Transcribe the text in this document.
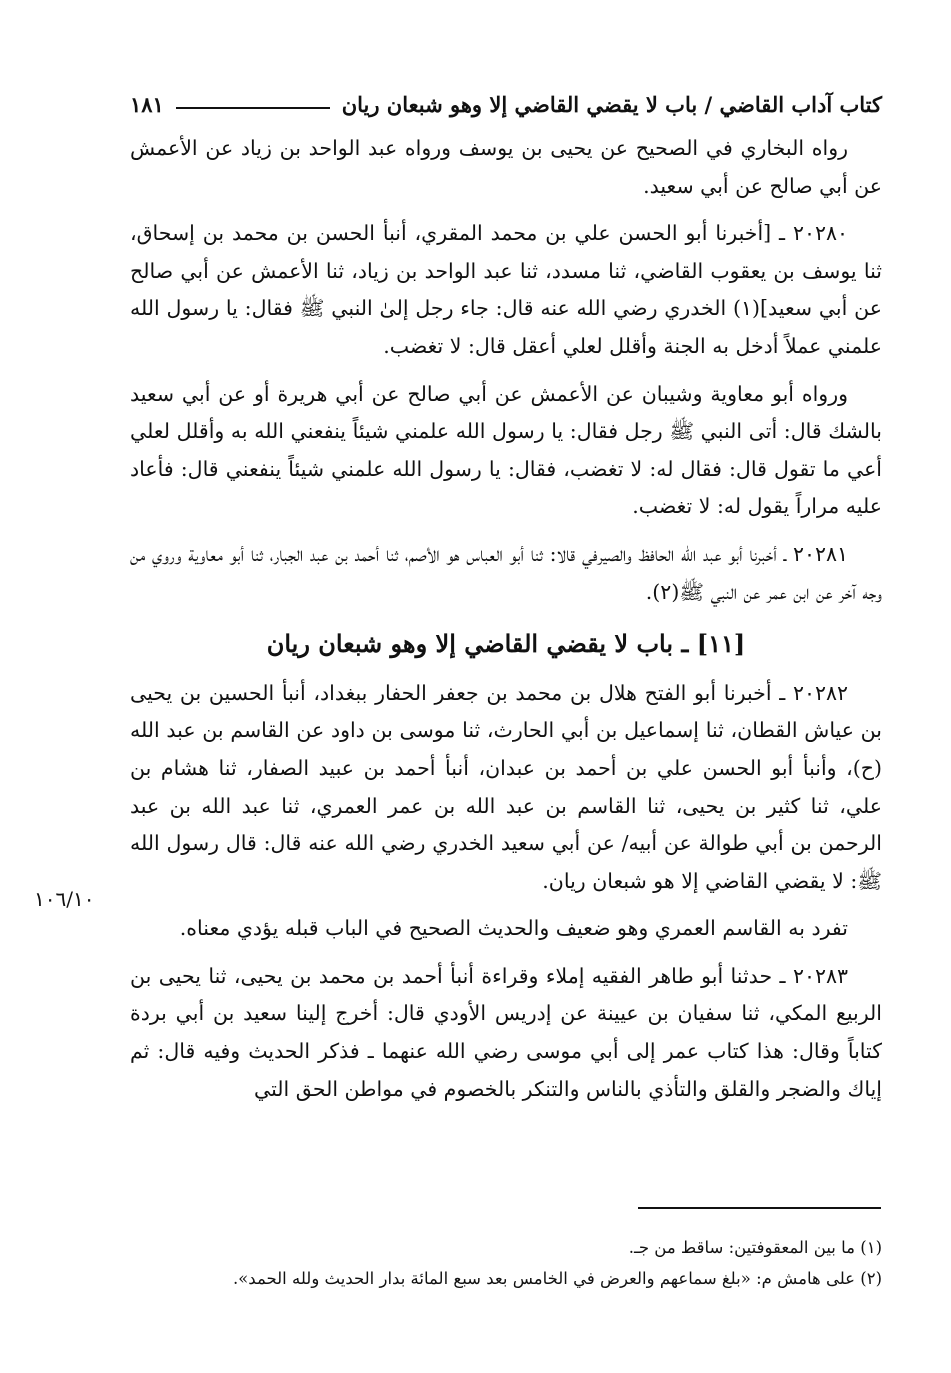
كتاب آداب القاضي / باب لا يقضي القاضي إلا وهو شبعان ريان
١٨١

رواه البخاري في الصحيح عن يحيى بن يوسف ورواه عبد الواحد بن زياد عن الأعمش عن أبي صالح عن أبي سعيد.

٢٠٢٨٠ ـ [أخبرنا أبو الحسن علي بن محمد المقري، أنبأ الحسن بن محمد بن إسحاق، ثنا يوسف بن يعقوب القاضي، ثنا مسدد، ثنا عبد الواحد بن زياد، ثنا الأعمش عن أبي صالح عن أبي سعيد](١) الخدري رضي الله عنه قال: جاء رجل إلىٰ النبي ﷺ فقال: يا رسول الله علمني عملاً أدخل به الجنة وأقلل لعلي أعقل قال: لا تغضب.

ورواه أبو معاوية وشيبان عن الأعمش عن أبي صالح عن أبي هريرة أو عن أبي سعيد بالشك قال: أتى النبي ﷺ رجل فقال: يا رسول الله علمني شيئاً ينفعني الله به وأقلل لعلي أعي ما تقول قال: فقال له: لا تغضب، فقال: يا رسول الله علمني شيئاً ينفعني قال: فأعاد عليه مراراً يقول له: لا تغضب.

٢٠٢٨١ ـ أخبرنا أبو عبد الله الحافظ والصيرفي قالا: ثنا أبو العباس هو الأصم، ثنا أحمد بن عبد الجبار، ثنا أبو معاوية وروي من وجه آخر عن ابن عمر عن النبي ﷺ(٢).

[١١] ـ باب لا يقضي القاضي إلا وهو شبعان ريان

٢٠٢٨٢ ـ أخبرنا أبو الفتح هلال بن محمد بن جعفر الحفار ببغداد، أنبأ الحسين بن يحيى بن عياش القطان، ثنا إسماعيل بن أبي الحارث، ثنا موسى بن داود عن القاسم بن عبد الله (ح)، وأنبأ أبو الحسن علي بن أحمد بن عبدان، أنبأ أحمد بن عبيد الصفار، ثنا هشام بن علي، ثنا كثير بن يحيى، ثنا القاسم بن عبد الله بن عمر العمري، ثنا عبد الله بن عبد الرحمن بن أبي طوالة عن أبيه/ عن أبي سعيد الخدري رضي الله عنه قال: قال رسول الله ﷺ: لا يقضي القاضي إلا هو شبعان ريان.

تفرد به القاسم العمري وهو ضعيف والحديث الصحيح في الباب قبله يؤدي معناه.

٢٠٢٨٣ ـ حدثنا أبو طاهر الفقيه إملاء وقراءة أنبأ أحمد بن محمد بن يحيى، ثنا يحيى بن الربيع المكي، ثنا سفيان بن عيينة عن إدريس الأودي قال: أخرج إلينا سعيد بن أبي بردة كتاباً وقال: هذا كتاب عمر إلى أبي موسى رضي الله عنهما ـ فذكر الحديث وفيه قال: ثم إياك والضجر والقلق والتأذي بالناس والتنكر بالخصوم في مواطن الحق التي

١٠٦/١٠

(١) ما بين المعقوفتين: ساقط من جـ.

(٢) على هامش م: «بلغ سماعهم والعرض في الخامس بعد سبع المائة بدار الحديث ولله الحمد».
